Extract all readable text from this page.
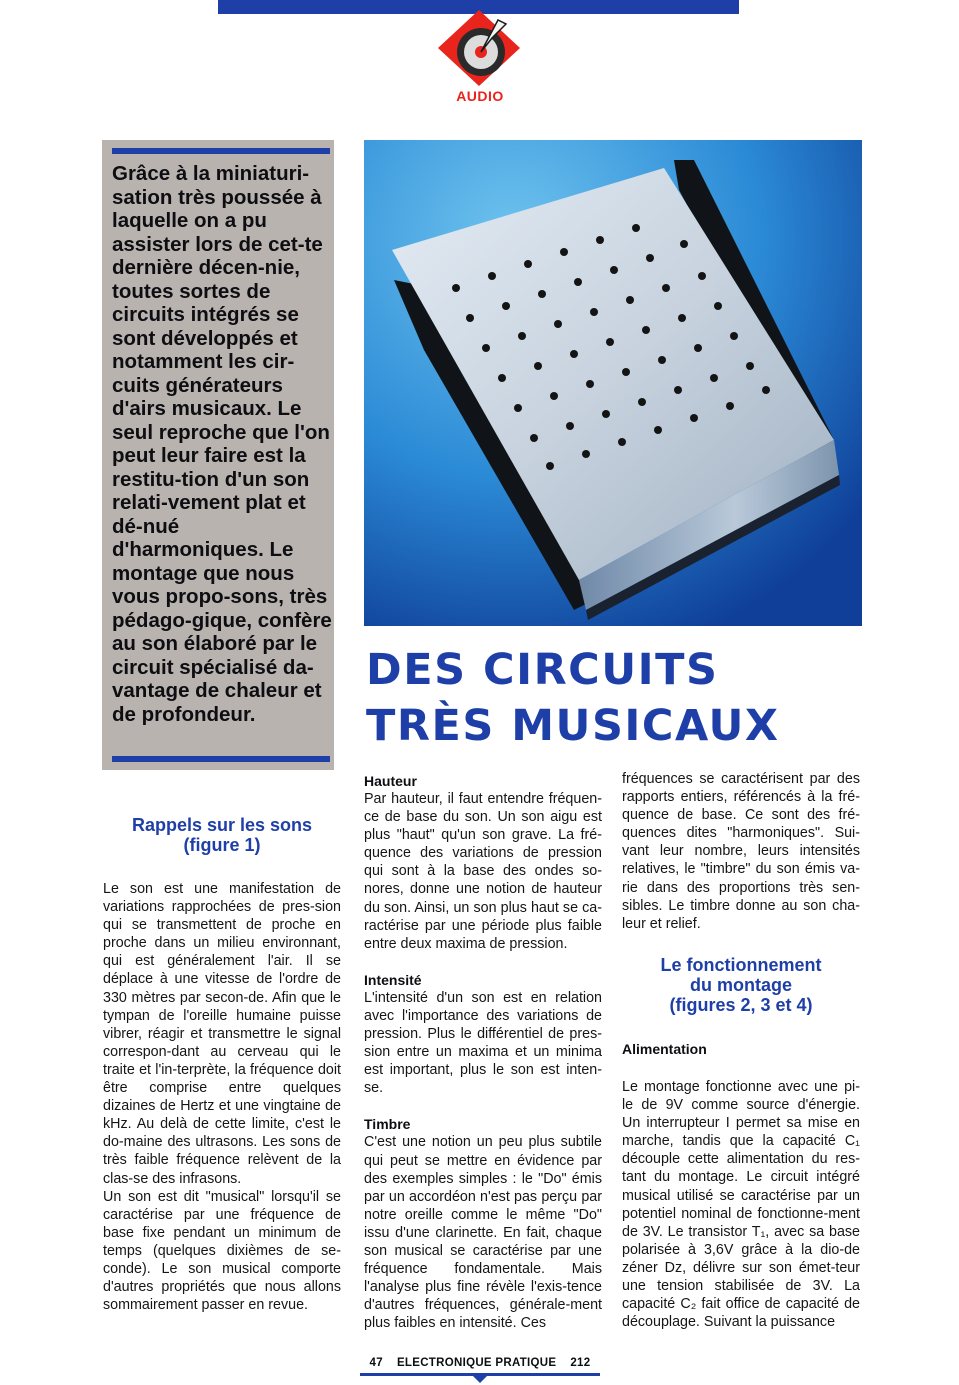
AUDIO

Grâce à la miniaturi-sation très poussée à laquelle on a pu assister lors de cet-te dernière décen-nie, toutes sortes de circuits intégrés se sont développés et notamment les cir-cuits générateurs d'airs musicaux. Le seul reproche que l'on peut leur faire est la restitu-tion d'un son relati-vement plat et dé-nué d'harmoniques. Le montage que nous vous propo-sons, très pédago-gique, confère au son élaboré par le circuit spécialisé da-vantage de chaleur et de profondeur.

DES CIRCUITS
TRÈS MUSICAUX
Rappels sur les sons
(figure 1)

Le son est une manifestation de variations rapprochées de pres-sion qui se transmettent de proche en proche dans un milieu environnant, qui est généralement l'air. Il se déplace à une vitesse de l'ordre de 330 mètres par secon-de. Afin que le tympan de l'oreille humaine puisse vibrer, réagir et transmettre le signal correspon-dant au cerveau qui le traite et l'in-terprète, la fréquence doit être comprise entre quelques dizaines de Hertz et une vingtaine de kHz. Au delà de cette limite, c'est le do-maine des ultrasons. Les sons de très faible fréquence relèvent de la clas-se des infrasons.

Un son est dit "musical" lorsqu'il se caractérise par une fréquence de base fixe pendant un minimum de temps (quelques dixièmes de se-conde). Le son musical comporte d'autres propriétés que nous allons sommairement passer en revue.

Hauteur

Par hauteur, il faut entendre fréquen-ce de base du son. Un son aigu est plus "haut" qu'un son grave. La fré-quence des variations de pression qui sont à la base des ondes so-nores, donne une notion de hauteur du son. Ainsi, un son plus haut se ca-ractérise par une période plus faible entre deux maxima de pression.

Intensité

L'intensité d'un son est en relation avec l'importance des variations de pression. Plus le différentiel de pres-sion entre un maxima et un minima est important, plus le son est inten-se.

Timbre

C'est une notion un peu plus subtile qui peut se mettre en évidence par des exemples simples : le "Do" émis par un accordéon n'est pas perçu par notre oreille comme le même "Do" issu d'une clarinette. En fait, chaque son musical se caractérise par une fréquence fondamentale. Mais l'analyse plus fine révèle l'exis-tence d'autres fréquences, générale-ment plus faibles en intensité. Ces

fréquences se caractérisent par des rapports entiers, référencés à la fré-quence de base. Ce sont des fré-quences dites "harmoniques". Sui-vant leur nombre, leurs intensités relatives, le "timbre" du son émis va-rie dans des proportions très sen-sibles. Le timbre donne au son cha-leur et relief.

Le fonctionnement
du montage
(figures 2, 3 et 4)

Alimentation

Le montage fonctionne avec une pi-le de 9V comme source d'énergie. Un interrupteur I permet sa mise en marche, tandis que la capacité C₁ découple cette alimentation du res-tant du montage. Le circuit intégré musical utilisé se caractérise par un potentiel nominal de fonctionne-ment de 3V. Le transistor T₁, avec sa base polarisée à 3,6V grâce à la dio-de zéner Dz, délivre sur son émet-teur une tension stabilisée de 3V. La capacité C₂ fait office de capacité de découplage. Suivant la puissance

47 ELECTRONIQUE PRATIQUE 212
